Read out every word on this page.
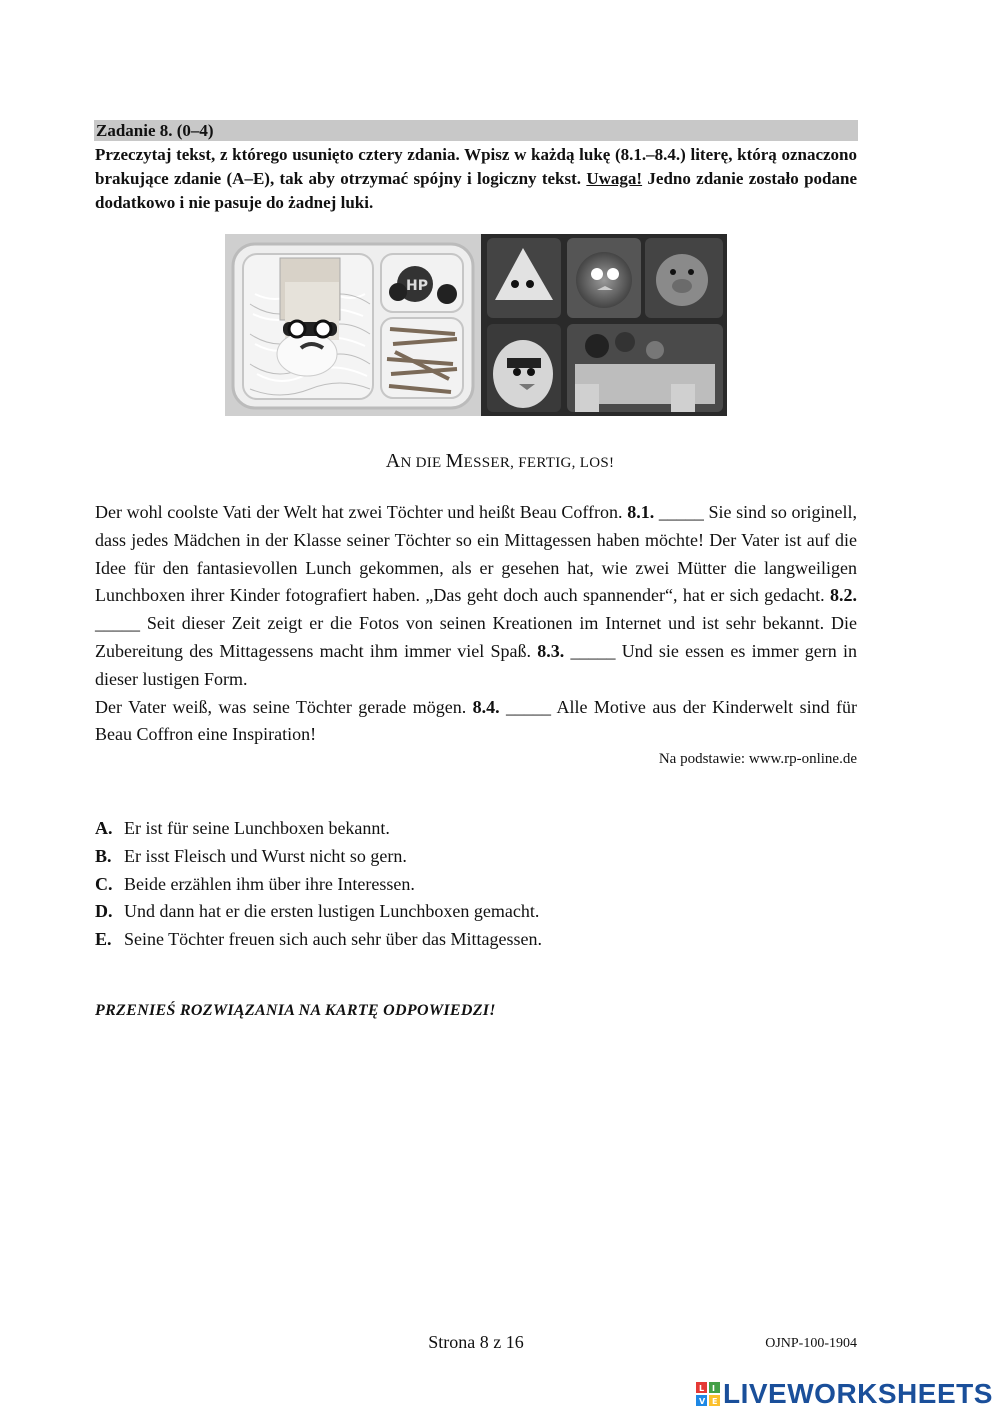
Zadanie 8. (0–4)
Przeczytaj tekst, z którego usunięto cztery zdania. Wpisz w każdą lukę (8.1.–8.4.) literę, którą oznaczono brakujące zdanie (A–E), tak aby otrzymać spójny i logiczny tekst. Uwaga! Jedno zdanie zostało podane dodatkowo i nie pasuje do żadnej luki.
HP
AN DIE MESSER, FERTIG, LOS!

Der wohl coolste Vati der Welt hat zwei Töchter und heißt Beau Coffron. 8.1. _____ Sie sind so originell, dass jedes Mädchen in der Klasse seiner Töchter so ein Mittagessen haben möchte! Der Vater ist auf die Idee für den fantasievollen Lunch gekommen, als er gesehen hat, wie zwei Mütter die langweiligen Lunchboxen ihrer Kinder fotografiert haben. „Das geht doch auch spannender“, hat er sich gedacht. 8.2. _____ Seit dieser Zeit zeigt er die Fotos von seinen Kreationen im Internet und ist sehr bekannt. Die Zubereitung des Mittagessens macht ihm immer viel Spaß. 8.3. _____ Und sie essen es immer gern in dieser lustigen Form.

Der Vater weiß, was seine Töchter gerade mögen. 8.4. _____ Alle Motive aus der Kinderwelt sind für Beau Coffron eine Inspiration!

Na podstawie: www.rp-online.de
A. Er ist für seine Lunchboxen bekannt.
B. Er isst Fleisch und Wurst nicht so gern.
C. Beide erzählen ihm über ihre Interessen.
D. Und dann hat er die ersten lustigen Lunchboxen gemacht.
E. Seine Töchter freuen sich auch sehr über das Mittagessen.
PRZENIEŚ ROZWIĄZANIA NA KARTĘ ODPOWIEDZI!
Strona 8 z 16	OJNP-100-1904
L I
V E LIVEWORKSHEETS
